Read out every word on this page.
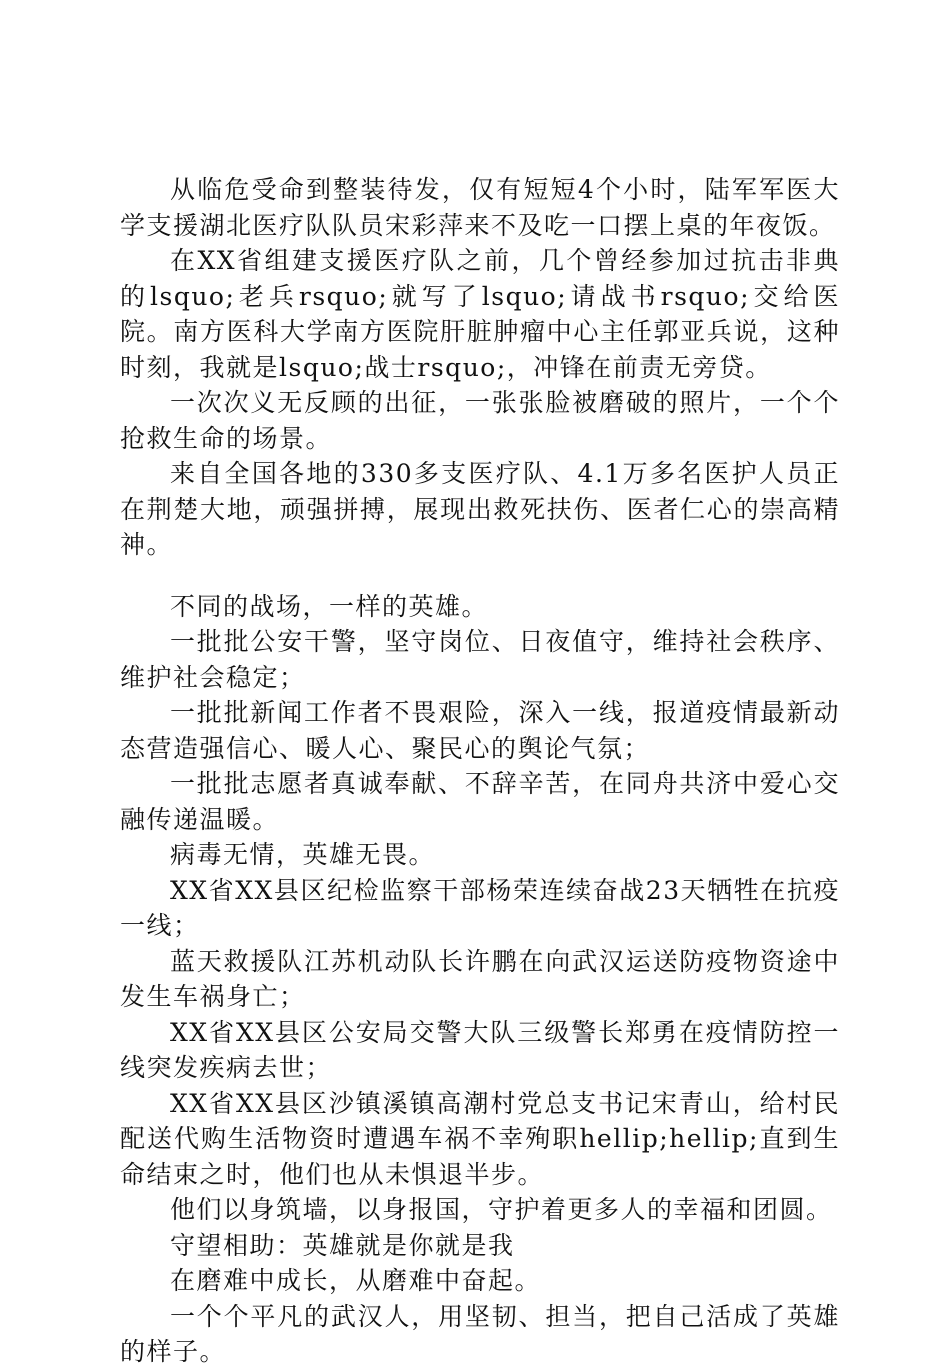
从临危受命到整装待发，仅有短短4个小时，陆军军医大学支援湖北医疗队队员宋彩萍来不及吃一口摆上桌的年夜饭。

在XX省组建支援医疗队之前，几个曾经参加过抗击非典的lsquo;老兵rsquo;就写了lsquo;请战书rsquo;交给医院。南方医科大学南方医院肝脏肿瘤中心主任郭亚兵说，这种时刻，我就是lsquo;战士rsquo;，冲锋在前责无旁贷。

一次次义无反顾的出征，一张张脸被磨破的照片，一个个抢救生命的场景。

来自全国各地的330多支医疗队、4.1万多名医护人员正在荆楚大地，顽强拼搏，展现出救死扶伤、医者仁心的崇高精神。

不同的战场，一样的英雄。

一批批公安干警，坚守岗位、日夜值守，维持社会秩序、维护社会稳定；

一批批新闻工作者不畏艰险，深入一线，报道疫情最新动态营造强信心、暖人心、聚民心的舆论气氛；

一批批志愿者真诚奉献、不辞辛苦，在同舟共济中爱心交融传递温暖。

病毒无情，英雄无畏。

XX省XX县区纪检监察干部杨荣连续奋战23天牺牲在抗疫一线；

蓝天救援队江苏机动队长许鹏在向武汉运送防疫物资途中发生车祸身亡；

XX省XX县区公安局交警大队三级警长郑勇在疫情防控一线突发疾病去世；

XX省XX县区沙镇溪镇高潮村党总支书记宋青山，给村民配送代购生活物资时遭遇车祸不幸殉职hellip;hellip;直到生命结束之时，他们也从未惧退半步。

他们以身筑墙，以身报国，守护着更多人的幸福和团圆。

守望相助：英雄就是你就是我

在磨难中成长，从磨难中奋起。

一个个平凡的武汉人，用坚韧、担当，把自己活成了英雄的样子。
